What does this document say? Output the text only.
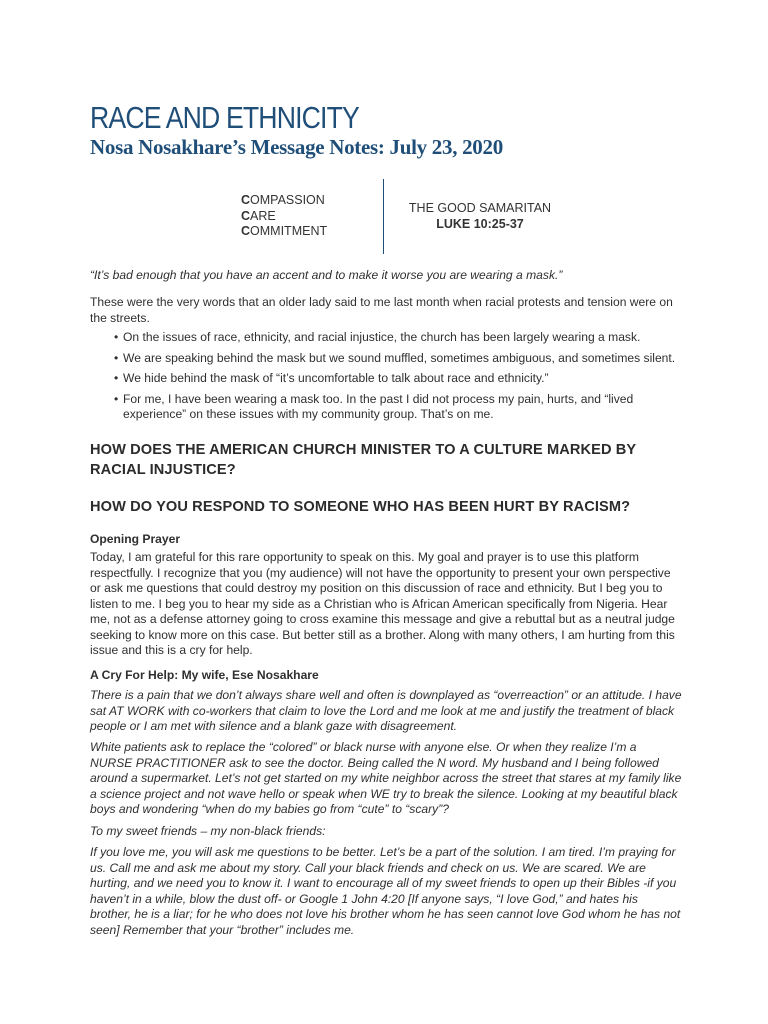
RACE AND ETHNICITY
Nosa Nosakhare’s Message Notes: July 23, 2020
COMPASSION
CARE
COMMITMENT
THE GOOD SAMARITAN
LUKE 10:25-37
“It’s bad enough that you have an accent and to make it worse you are wearing a mask.”
These were the very words that an older lady said to me last month when racial protests and tension were on the streets.
• On the issues of race, ethnicity, and racial injustice, the church has been largely wearing a mask.
• We are speaking behind the mask but we sound muffled, sometimes ambiguous, and sometimes silent.
• We hide behind the mask of “it’s uncomfortable to talk about race and ethnicity.”
• For me, I have been wearing a mask too. In the past I did not process my pain, hurts, and “lived experience” on these issues with my community group. That’s on me.
HOW DOES THE AMERICAN CHURCH MINISTER TO A CULTURE MARKED BY RACIAL INJUSTICE?
HOW DO YOU RESPOND TO SOMEONE WHO HAS BEEN HURT BY RACISM?
Opening Prayer
Today, I am grateful for this rare opportunity to speak on this. My goal and prayer is to use this platform respectfully. I recognize that you (my audience) will not have the opportunity to present your own perspective or ask me questions that could destroy my position on this discussion of race and ethnicity. But I beg you to listen to me. I beg you to hear my side as a Christian who is African American specifically from Nigeria. Hear me, not as a defense attorney going to cross examine this message and give a rebuttal but as a neutral judge seeking to know more on this case. But better still as a brother. Along with many others, I am hurting from this issue and this is a cry for help.
A Cry For Help: My wife, Ese Nosakhare
There is a pain that we don’t always share well and often is downplayed as “overreaction” or an attitude. I have sat AT WORK with co-workers that claim to love the Lord and me look at me and justify the treatment of black people or I am met with silence and a blank gaze with disagreement.
White patients ask to replace the “colored” or black nurse with anyone else. Or when they realize I’m a NURSE PRACTITIONER ask to see the doctor. Being called the N word. My husband and I being followed around a supermarket. Let’s not get started on my white neighbor across the street that stares at my family like a science project and not wave hello or speak when WE try to break the silence. Looking at my beautiful black boys and wondering “when do my babies go from “cute” to “scary”?
To my sweet friends – my non-black friends:
If you love me, you will ask me questions to be better. Let’s be a part of the solution. I am tired. I’m praying for us. Call me and ask me about my story. Call your black friends and check on us. We are scared. We are hurting, and we need you to know it. I want to encourage all of my sweet friends to open up their Bibles -if you haven’t in a while, blow the dust off- or Google 1 John 4:20 [If anyone says, “I love God,” and hates his brother, he is a liar; for he who does not love his brother whom he has seen cannot love God whom he has not seen] Remember that your “brother” includes me.
